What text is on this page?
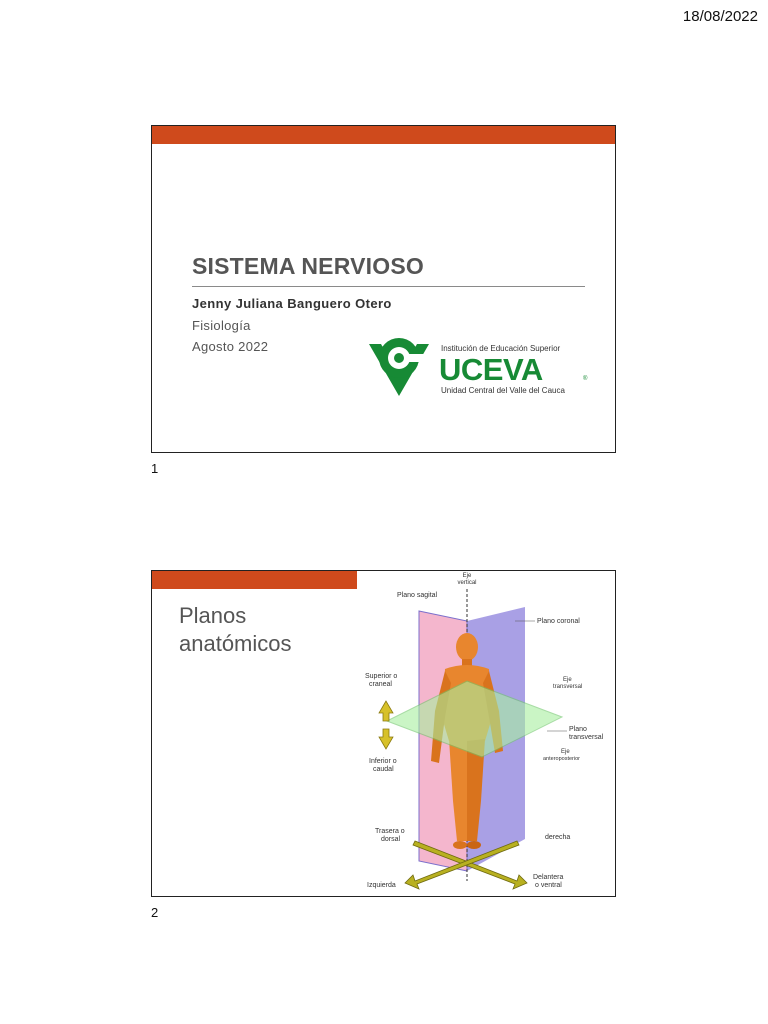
18/08/2022
SISTEMA NERVIOSO
Jenny Juliana Banguero Otero
Fisiología
Agosto 2022	Institución de Educación Superior
UCEVA	®
Unidad Central del Valle del Cauca
1
Planos anatómicos
Eje
vertical
Plano sagital
Plano coronal
Superior o
craneal
Eje
transversal
Plano
transversal
Eje
anteroposterior
Inferior o
caudal
Trasera o
dorsal	derecha
Delantera
o ventral
Izquierda
2
